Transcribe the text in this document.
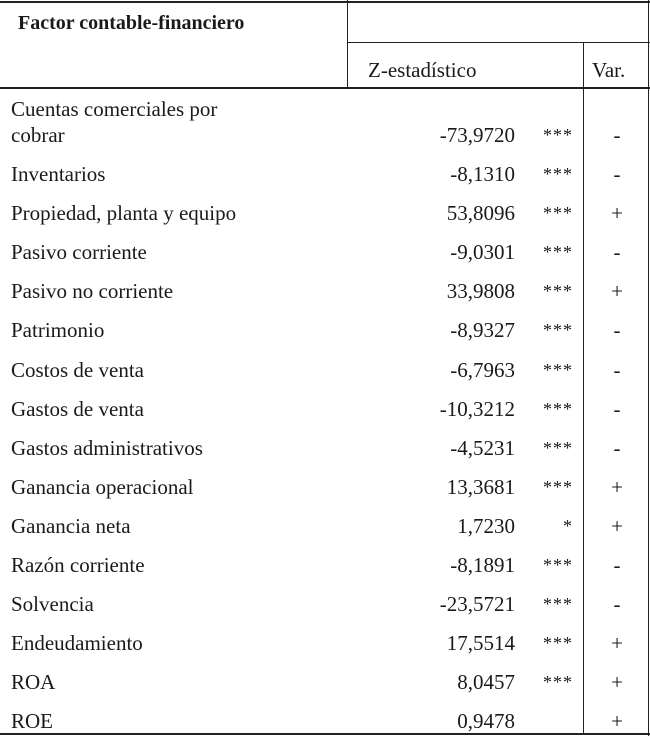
Factor contable-financiero
Z-estadístico	Var.
Cuentas comerciales por
cobrar	-73,9720 ***	-
Inventarios	-8,1310 ***	-
Propiedad, planta y equipo	53,8096 ***	+
Pasivo corriente	-9,0301 ***	-
Pasivo no corriente	33,9808 ***	+
Patrimonio	-8,9327 ***	-
Costos de venta	-6,7963 ***	-
Gastos de venta	-10,3212 ***	-
Gastos administrativos	-4,5231 ***	-
Ganancia operacional	13,3681 ***	+
Ganancia neta	1,7230	*	+
Razón corriente	-8,1891 ***	-
Solvencia	-23,5721 ***	-
Endeudamiento	17,5514 ***	+
ROA	8,0457 ***	+
ROE	0,9478	+
